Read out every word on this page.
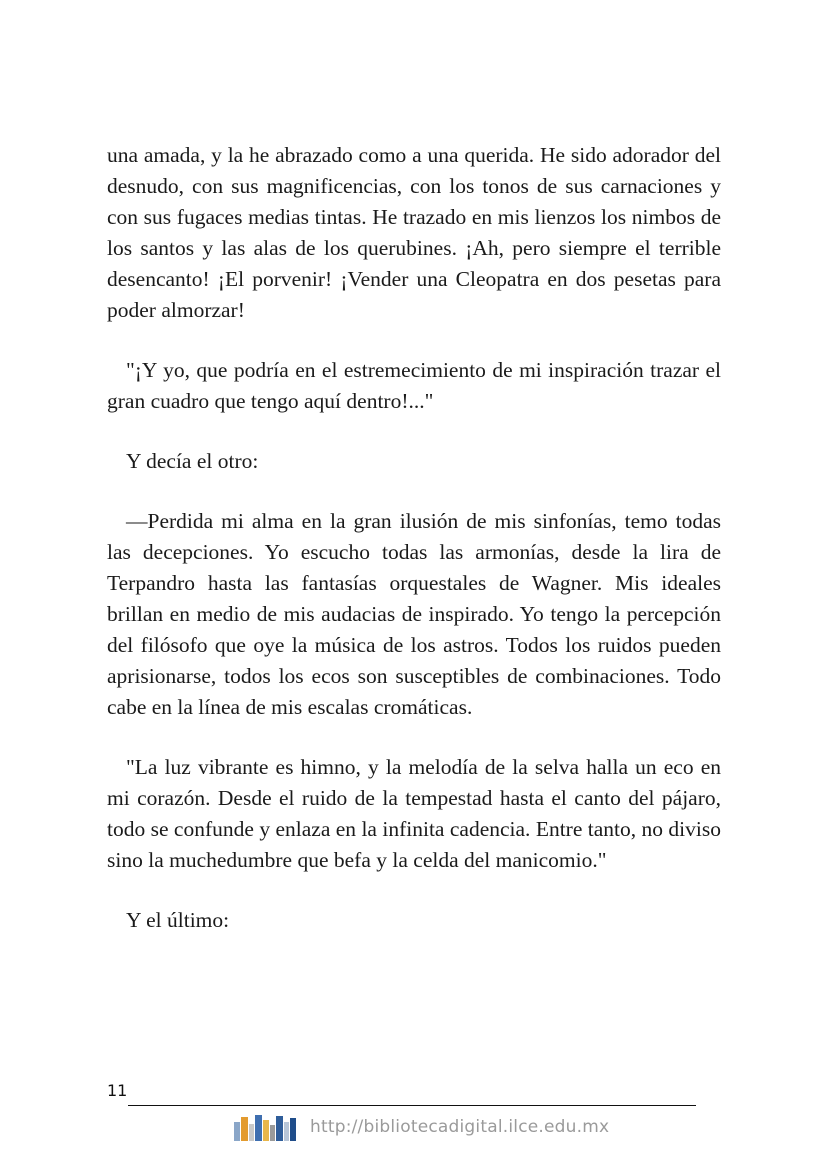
una amada, y la he abrazado como a una querida. He sido adorador del desnudo, con sus magnificencias, con los tonos de sus carnaciones y con sus fugaces medias tintas. He trazado en mis lienzos los nimbos de los santos y las alas de los querubines. ¡Ah, pero siempre el terrible desencanto! ¡El porvenir! ¡Vender una Cleopatra en dos pesetas para poder almorzar!

"¡Y yo, que podría en el estremecimiento de mi inspiración trazar el gran cuadro que tengo aquí dentro!..."

Y decía el otro:

—Perdida mi alma en la gran ilusión de mis sinfonías, temo todas las decepciones. Yo escucho todas las armonías, desde la lira de Terpandro hasta las fantasías orquestales de Wagner. Mis ideales brillan en medio de mis audacias de inspirado. Yo tengo la percepción del filósofo que oye la música de los astros. Todos los ruidos pueden aprisionarse, todos los ecos son susceptibles de combinaciones. Todo cabe en la línea de mis escalas cromáticas.

"La luz vibrante es himno, y la melodía de la selva halla un eco en mi corazón. Desde el ruido de la tempestad hasta el canto del pájaro, todo se confunde y enlaza en la infinita cadencia. Entre tanto, no diviso sino la muchedumbre que befa y la celda del manicomio."

Y el último:

11
http://bibliotecadigital.ilce.edu.mx
